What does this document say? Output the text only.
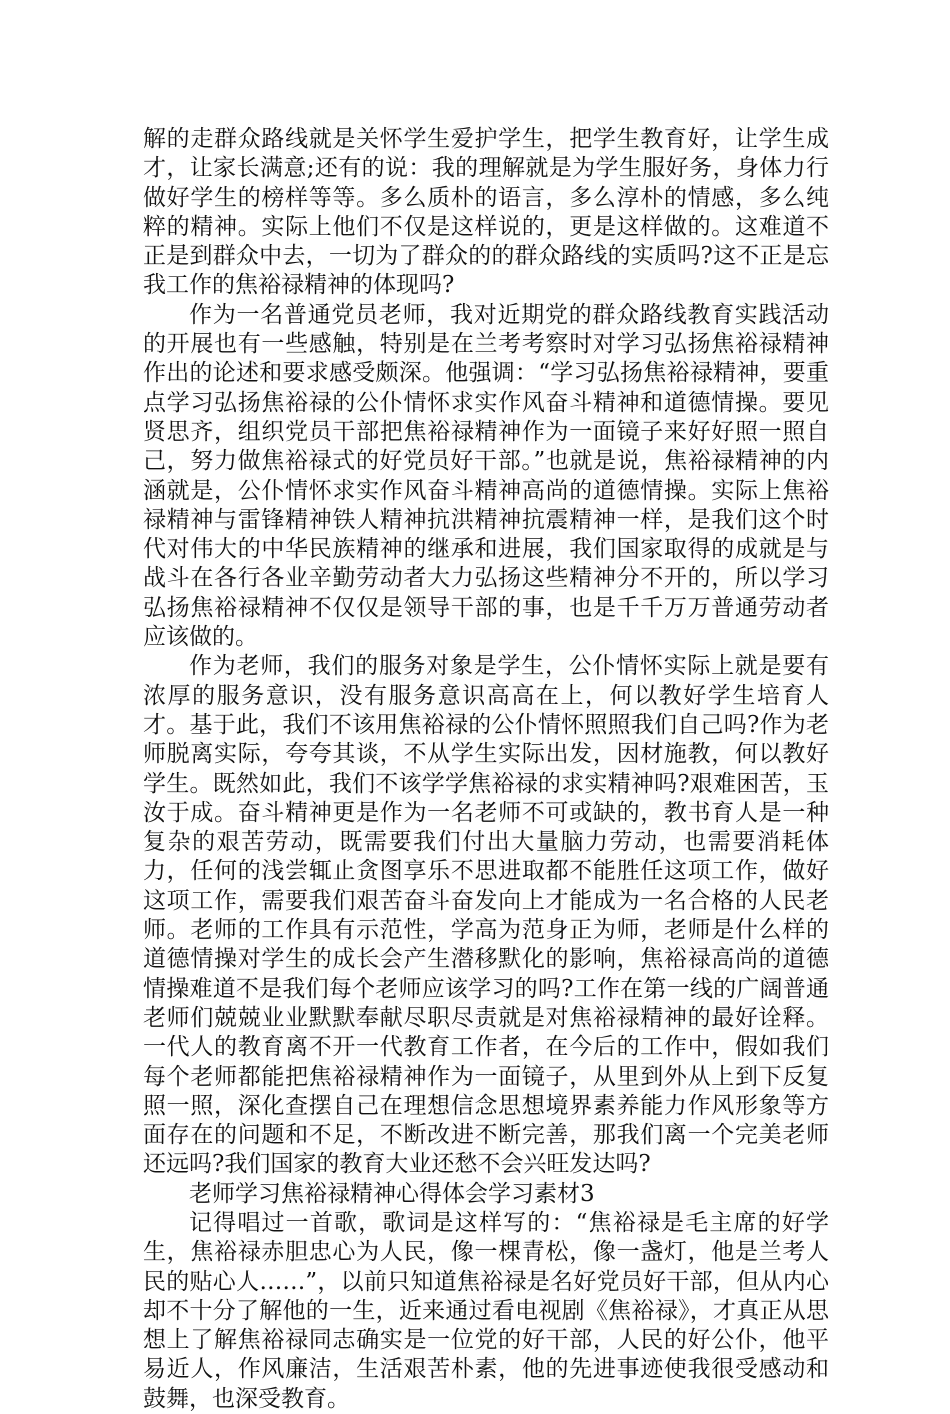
解的走群众路线就是关怀学生爱护学生，把学生教育好，让学生成才，让家长满意;还有的说：我的理解就是为学生服好务，身体力行做好学生的榜样等等。多么质朴的语言，多么淳朴的情感，多么纯粹的精神。实际上他们不仅是这样说的，更是这样做的。这难道不正是到群众中去，一切为了群众的的群众路线的实质吗?这不正是忘我工作的焦裕禄精神的体现吗?

作为一名普通党员老师，我对近期党的群众路线教育实践活动的开展也有一些感触，特别是在兰考考察时对学习弘扬焦裕禄精神作出的论述和要求感受颇深。他强调：“学习弘扬焦裕禄精神，要重点学习弘扬焦裕禄的公仆情怀求实作风奋斗精神和道德情操。要见贤思齐，组织党员干部把焦裕禄精神作为一面镜子来好好照一照自己，努力做焦裕禄式的好党员好干部。”也就是说，焦裕禄精神的内涵就是，公仆情怀求实作风奋斗精神高尚的道德情操。实际上焦裕禄精神与雷锋精神铁人精神抗洪精神抗震精神一样，是我们这个时代对伟大的中华民族精神的继承和进展，我们国家取得的成就是与战斗在各行各业辛勤劳动者大力弘扬这些精神分不开的，所以学习弘扬焦裕禄精神不仅仅是领导干部的事，也是千千万万普通劳动者应该做的。

作为老师，我们的服务对象是学生，公仆情怀实际上就是要有浓厚的服务意识，没有服务意识高高在上，何以教好学生培育人才。基于此，我们不该用焦裕禄的公仆情怀照照我们自己吗?作为老师脱离实际，夸夸其谈，不从学生实际出发，因材施教，何以教好学生。既然如此，我们不该学学焦裕禄的求实精神吗?艰难困苦，玉汝于成。奋斗精神更是作为一名老师不可或缺的，教书育人是一种复杂的艰苦劳动，既需要我们付出大量脑力劳动，也需要消耗体力，任何的浅尝辄止贪图享乐不思进取都不能胜任这项工作，做好这项工作，需要我们艰苦奋斗奋发向上才能成为一名合格的人民老师。老师的工作具有示范性，学高为范身正为师，老师是什么样的道德情操对学生的成长会产生潜移默化的影响，焦裕禄高尚的道德情操难道不是我们每个老师应该学习的吗?工作在第一线的广阔普通老师们兢兢业业默默奉献尽职尽责就是对焦裕禄精神的最好诠释。一代人的教育离不开一代教育工作者，在今后的工作中，假如我们每个老师都能把焦裕禄精神作为一面镜子，从里到外从上到下反复照一照，深化查摆自己在理想信念思想境界素养能力作风形象等方面存在的问题和不足，不断改进不断完善，那我们离一个完美老师还远吗?我们国家的教育大业还愁不会兴旺发达吗?

老师学习焦裕禄精神心得体会学习素材3

记得唱过一首歌，歌词是这样写的：“焦裕禄是毛主席的好学生，焦裕禄赤胆忠心为人民，像一棵青松，像一盏灯，他是兰考人民的贴心人……”，以前只知道焦裕禄是名好党员好干部，但从内心却不十分了解他的一生，近来通过看电视剧《焦裕禄》，才真正从思想上了解焦裕禄同志确实是一位党的好干部，人民的好公仆，他平易近人，作风廉洁，生活艰苦朴素，他的先进事迹使我很受感动和鼓舞，也深受教育。
